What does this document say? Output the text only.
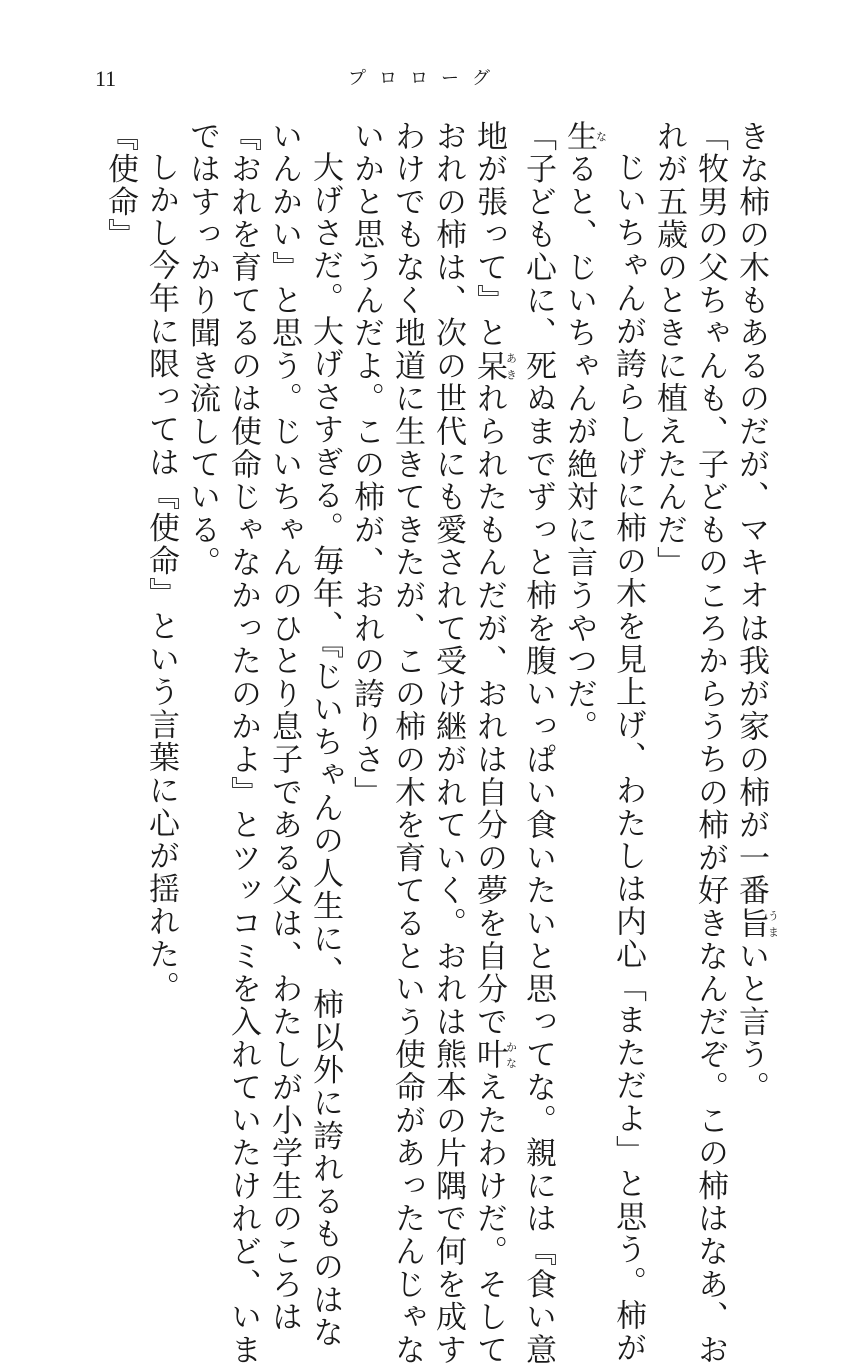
11	プロローグ
きな柿の木もあるのだが、マキオは我が家の柿が一番旨うまいと言う。
「牧男の父ちゃんも、子どものころからうちの柿が好きなんだぞ。この柿はなあ、お
れが五歳のときに植えたんだ」
じいちゃんが誇らしげに柿の木を見上げ、わたしは内心「まただよ」と思う。柿が
生なると、じいちゃんが絶対に言うやつだ。
「子ども心に、死ぬまでずっと柿を腹いっぱい食いたいと思ってな。親には『食い意
地が張って』と呆あきれられたもんだが、おれは自分の夢を自分で叶かなえたわけだ。そして
おれの柿は、次の世代にも愛されて受け継がれていく。おれは熊本の片隅で何を成す
わけでもなく地道に生きてきたが、この柿の木を育てるという使命があったんじゃな
いかと思うんだよ。この柿が、おれの誇りさ」
大げさだ。大げさすぎる。毎年、『じいちゃんの人生に、柿以外に誇れるものはな
いんかい』と思う。じいちゃんのひとり息子である父は、わたしが小学生のころは
『おれを育てるのは使命じゃなかったのかよ』とツッコミを入れていたけれど、いま
ではすっかり聞き流している。
しかし今年に限っては『使命』という言葉に心が揺れた。
『使命』
